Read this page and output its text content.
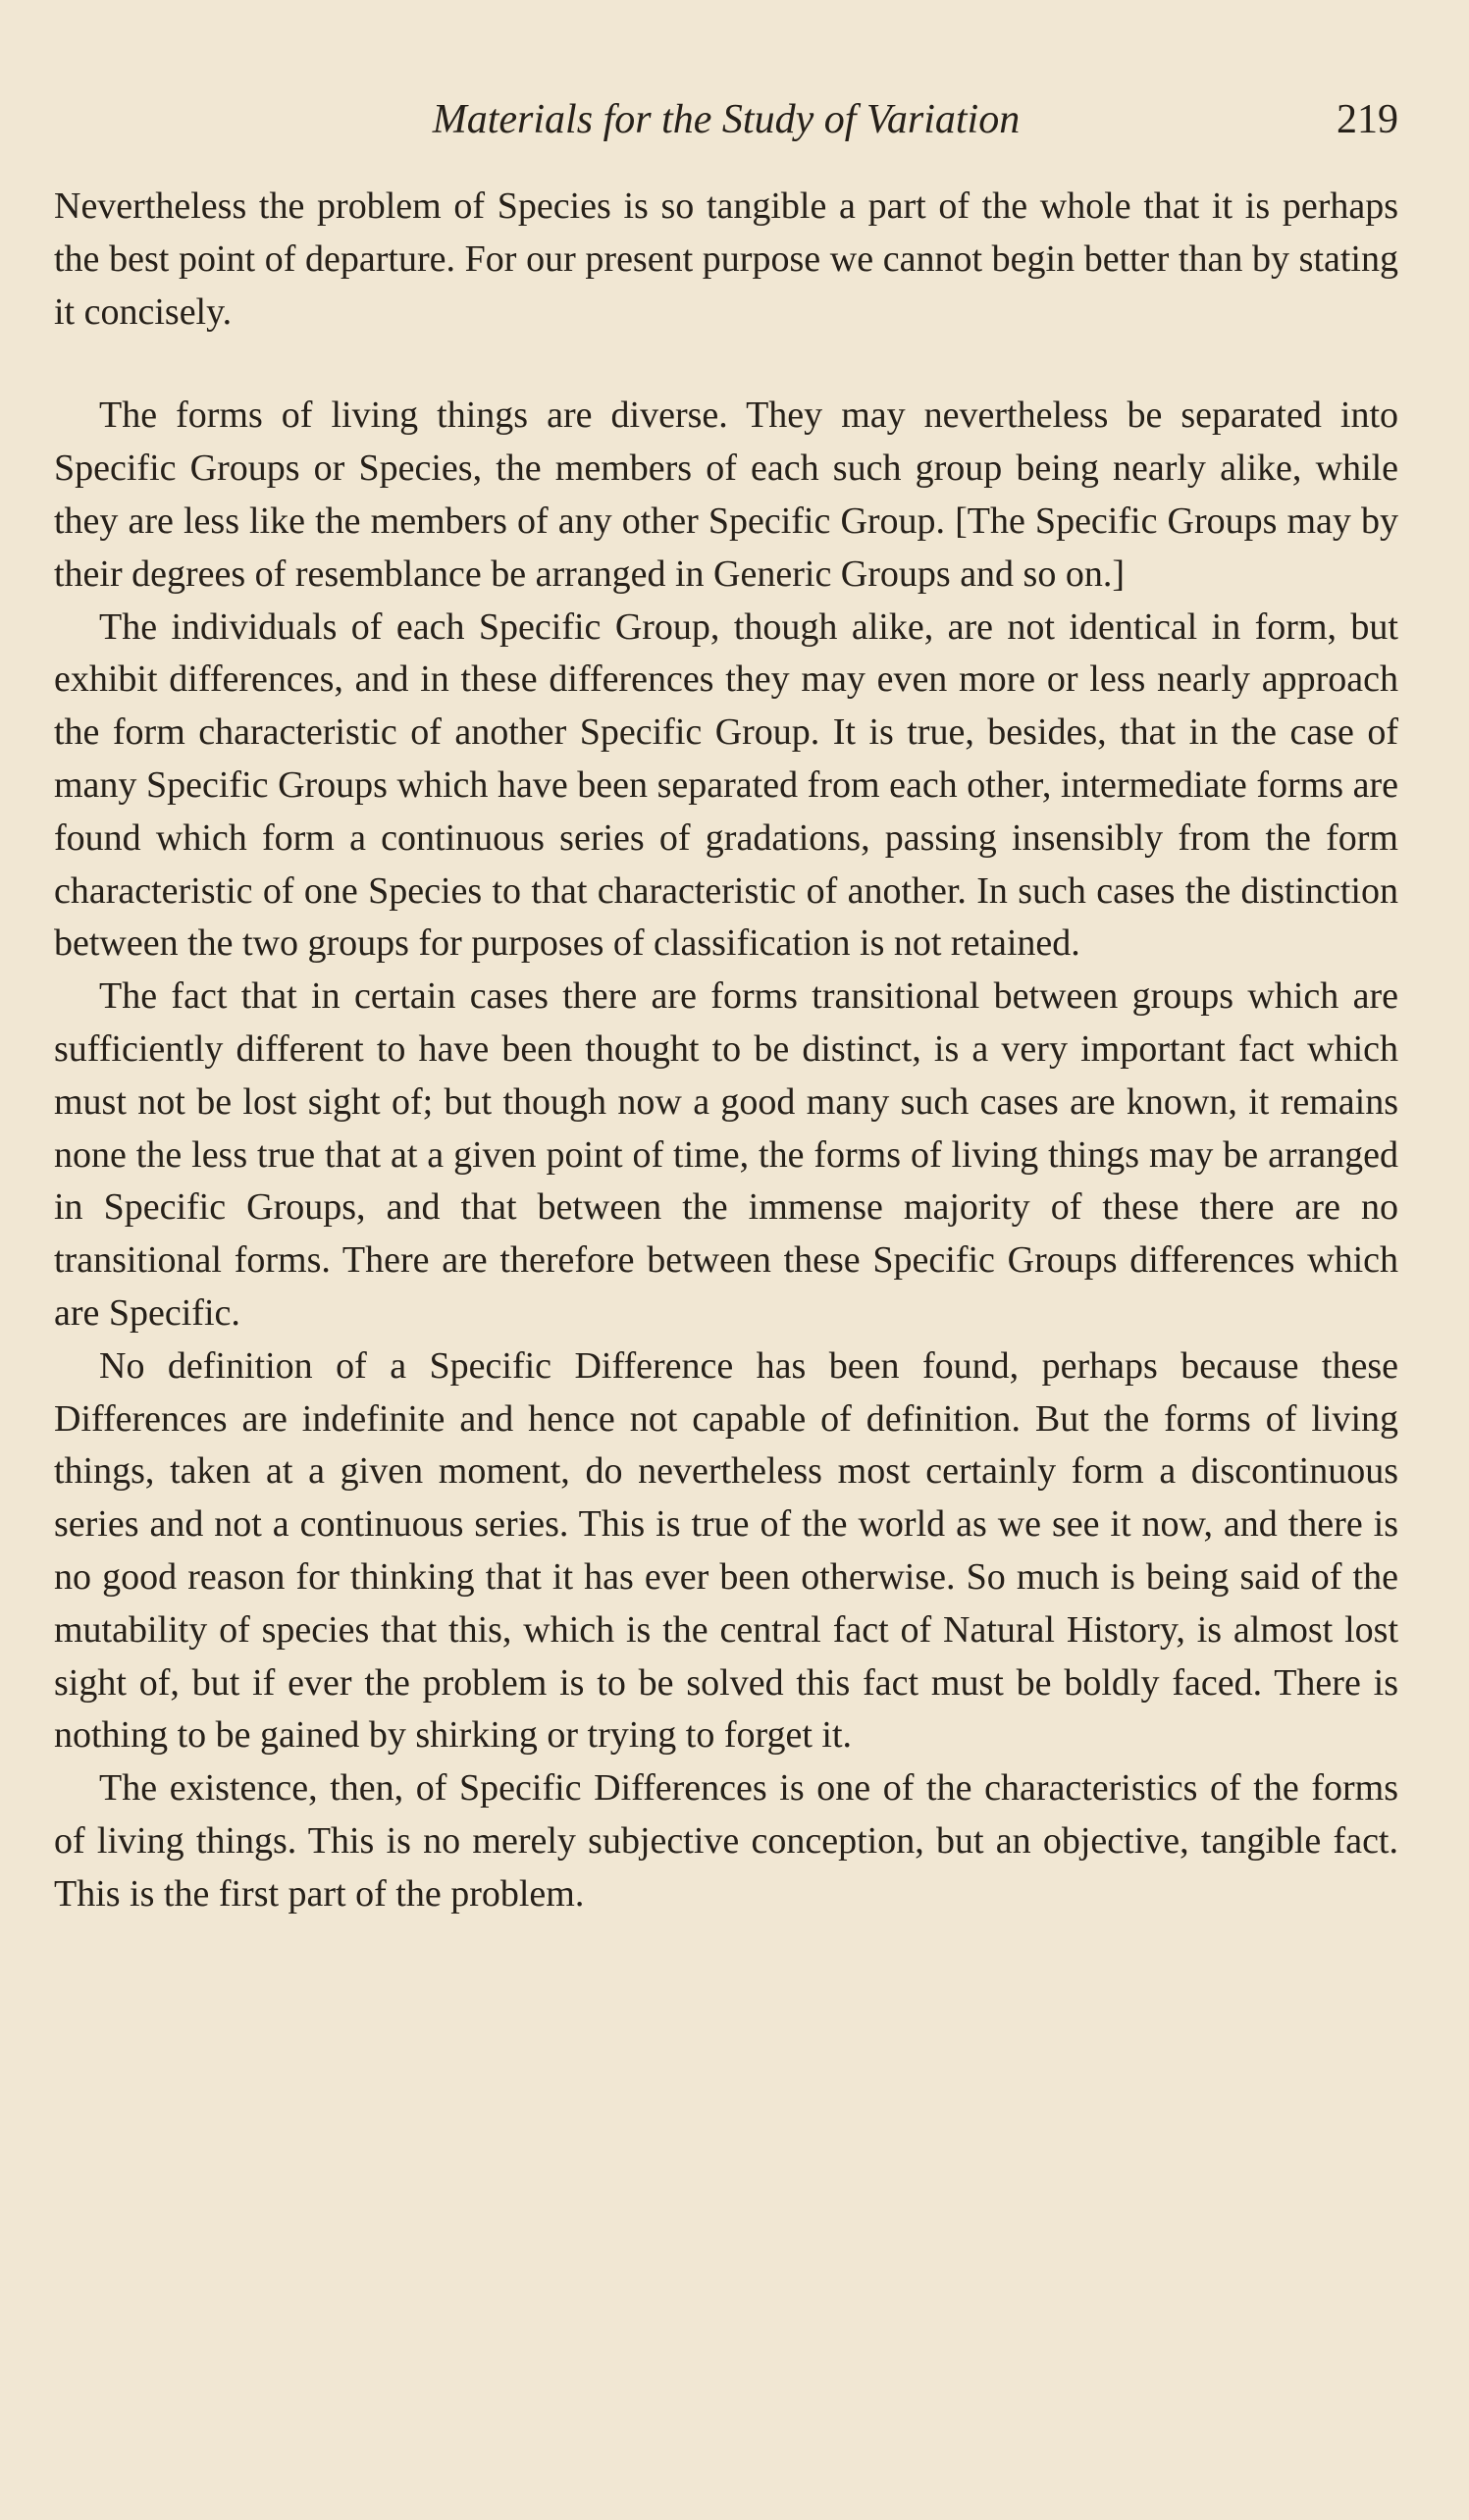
Materials for the Study of Variation	219

Nevertheless the problem of Species is so tangible a part of the whole that it is perhaps the best point of departure. For our present purpose we cannot begin better than by stating it concisely.

The forms of living things are diverse. They may nevertheless be separated into Specific Groups or Species, the members of each such group being nearly alike, while they are less like the members of any other Specific Group. [The Specific Groups may by their degrees of resemblance be arranged in Generic Groups and so on.]

The individuals of each Specific Group, though alike, are not identical in form, but exhibit differences, and in these differences they may even more or less nearly approach the form characteristic of another Specific Group. It is true, besides, that in the case of many Specific Groups which have been separated from each other, intermediate forms are found which form a continuous series of gradations, passing insensibly from the form characteristic of one Species to that characteristic of another. In such cases the distinction between the two groups for purposes of classification is not retained.

The fact that in certain cases there are forms transitional between groups which are sufficiently different to have been thought to be distinct, is a very important fact which must not be lost sight of; but though now a good many such cases are known, it remains none the less true that at a given point of time, the forms of living things may be arranged in Specific Groups, and that between the immense majority of these there are no transitional forms. There are therefore between these Specific Groups differences which are Specific.

No definition of a Specific Difference has been found, perhaps because these Differences are indefinite and hence not capable of definition. But the forms of living things, taken at a given moment, do nevertheless most certainly form a discontinuous series and not a continuous series. This is true of the world as we see it now, and there is no good reason for thinking that it has ever been otherwise. So much is being said of the mutability of species that this, which is the central fact of Natural History, is almost lost sight of, but if ever the problem is to be solved this fact must be boldly faced. There is nothing to be gained by shirking or trying to forget it.

The existence, then, of Specific Differences is one of the characteristics of the forms of living things. This is no merely subjective conception, but an objective, tangible fact. This is the first part of the problem.
